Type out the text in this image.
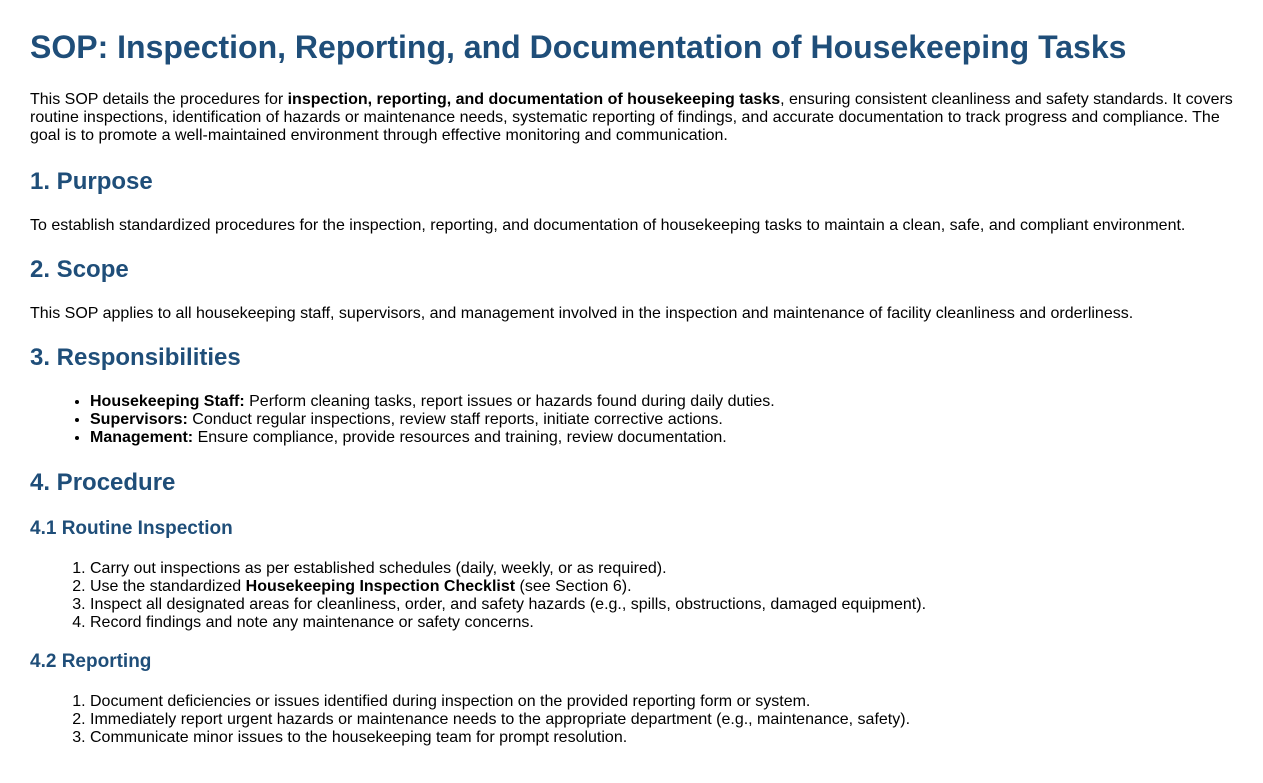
SOP: Inspection, Reporting, and Documentation of Housekeeping Tasks

This SOP details the procedures for inspection, reporting, and documentation of housekeeping tasks, ensuring consistent cleanliness and safety standards. It covers routine inspections, identification of hazards or maintenance needs, systematic reporting of findings, and accurate documentation to track progress and compliance. The goal is to promote a well-maintained environment through effective monitoring and communication.

1. Purpose

To establish standardized procedures for the inspection, reporting, and documentation of housekeeping tasks to maintain a clean, safe, and compliant environment.

2. Scope

This SOP applies to all housekeeping staff, supervisors, and management involved in the inspection and maintenance of facility cleanliness and orderliness.

3. Responsibilities
• Housekeeping Staff: Perform cleaning tasks, report issues or hazards found during daily duties.
• Supervisors: Conduct regular inspections, review staff reports, initiate corrective actions.
• Management: Ensure compliance, provide resources and training, review documentation.
4. Procedure
4.1 Routine Inspection
1. Carry out inspections as per established schedules (daily, weekly, or as required).
2. Use the standardized Housekeeping Inspection Checklist (see Section 6).
3. Inspect all designated areas for cleanliness, order, and safety hazards (e.g., spills, obstructions, damaged equipment).
4. Record findings and note any maintenance or safety concerns.
4.2 Reporting
1. Document deficiencies or issues identified during inspection on the provided reporting form or system.
2. Immediately report urgent hazards or maintenance needs to the appropriate department (e.g., maintenance, safety).
3. Communicate minor issues to the housekeeping team for prompt resolution.
